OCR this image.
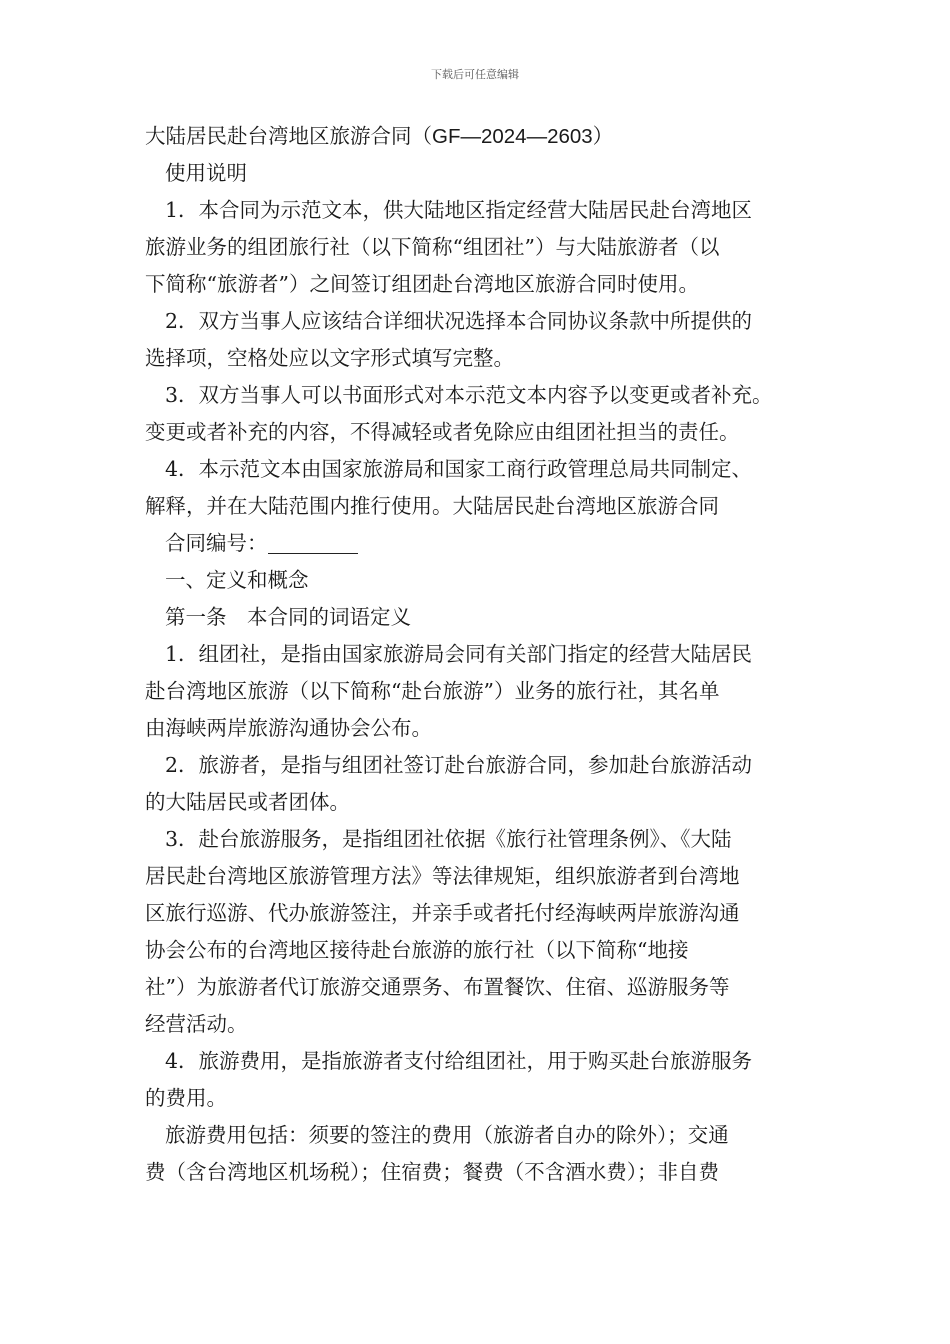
下载后可任意编辑
大陆居民赴台湾地区旅游合同（GF—2024—2603）
使用说明
1．本合同为示范文本，供大陆地区指定经营大陆居民赴台湾地区
旅游业务的组团旅行社（以下简称“组团社”）与大陆旅游者（以
下简称“旅游者”）之间签订组团赴台湾地区旅游合同时使用。
2．双方当事人应该结合详细状况选择本合同协议条款中所提供的
选择项，空格处应以文字形式填写完整。
3．双方当事人可以书面形式对本示范文本内容予以变更或者补充。
变更或者补充的内容，不得减轻或者免除应由组团社担当的责任。
4．本示范文本由国家旅游局和国家工商行政管理总局共同制定、
解释，并在大陆范围内推行使用。大陆居民赴台湾地区旅游合同
合同编号：
一、定义和概念
第一条　本合同的词语定义
1．组团社，是指由国家旅游局会同有关部门指定的经营大陆居民
赴台湾地区旅游（以下简称“赴台旅游”）业务的旅行社，其名单
由海峡两岸旅游沟通协会公布。
2．旅游者，是指与组团社签订赴台旅游合同，参加赴台旅游活动
的大陆居民或者团体。
3．赴台旅游服务，是指组团社依据《旅行社管理条例》、《大陆
居民赴台湾地区旅游管理方法》等法律规矩，组织旅游者到台湾地
区旅行巡游、代办旅游签注，并亲手或者托付经海峡两岸旅游沟通
协会公布的台湾地区接待赴台旅游的旅行社（以下简称“地接
社”）为旅游者代订旅游交通票务、布置餐饮、住宿、巡游服务等
经营活动。
4．旅游费用，是指旅游者支付给组团社，用于购买赴台旅游服务
的费用。
旅游费用包括：须要的签注的费用（旅游者自办的除外）；交通
费（含台湾地区机场税）；住宿费；餐费（不含酒水费）；非自费
